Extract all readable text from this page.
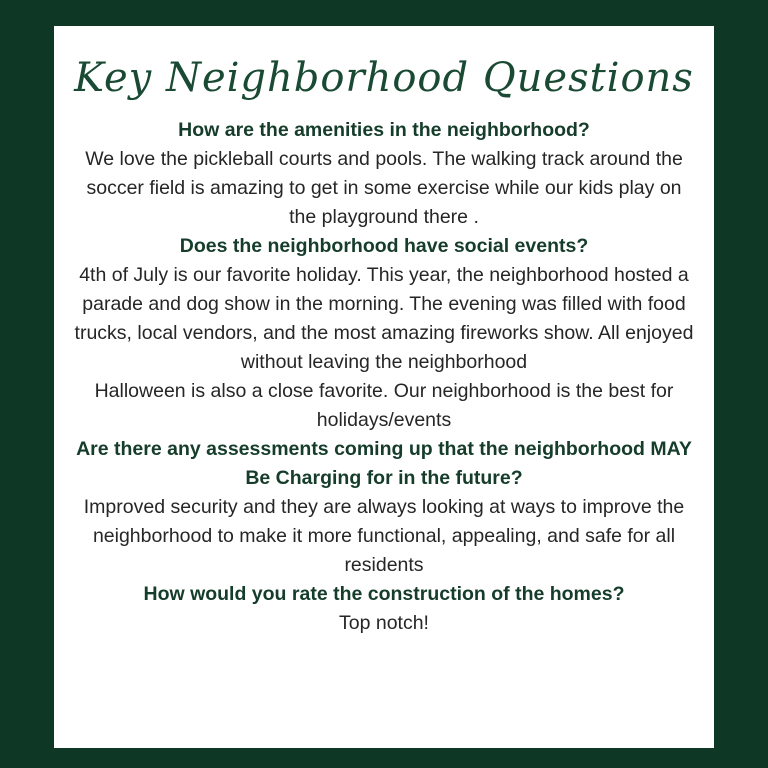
Key Neighborhood Questions
How are the amenities in the neighborhood?
We love the pickleball courts and pools. The walking track around the soccer field is amazing to get in some exercise while our kids play on the playground there .
Does the neighborhood have social events?
4th of July is our favorite holiday. This year, the neighborhood hosted a parade and dog show in the morning. The evening was filled with food trucks, local vendors, and the most amazing fireworks show. All enjoyed without leaving the neighborhood
Halloween is also a close favorite. Our neighborhood is the best for holidays/events
Are there any assessments coming up that the neighborhood MAY Be Charging for in the future?
Improved security and they are always looking at ways to improve the neighborhood to make it more functional, appealing, and safe for all residents
How would you rate the construction of the homes?
Top notch!
